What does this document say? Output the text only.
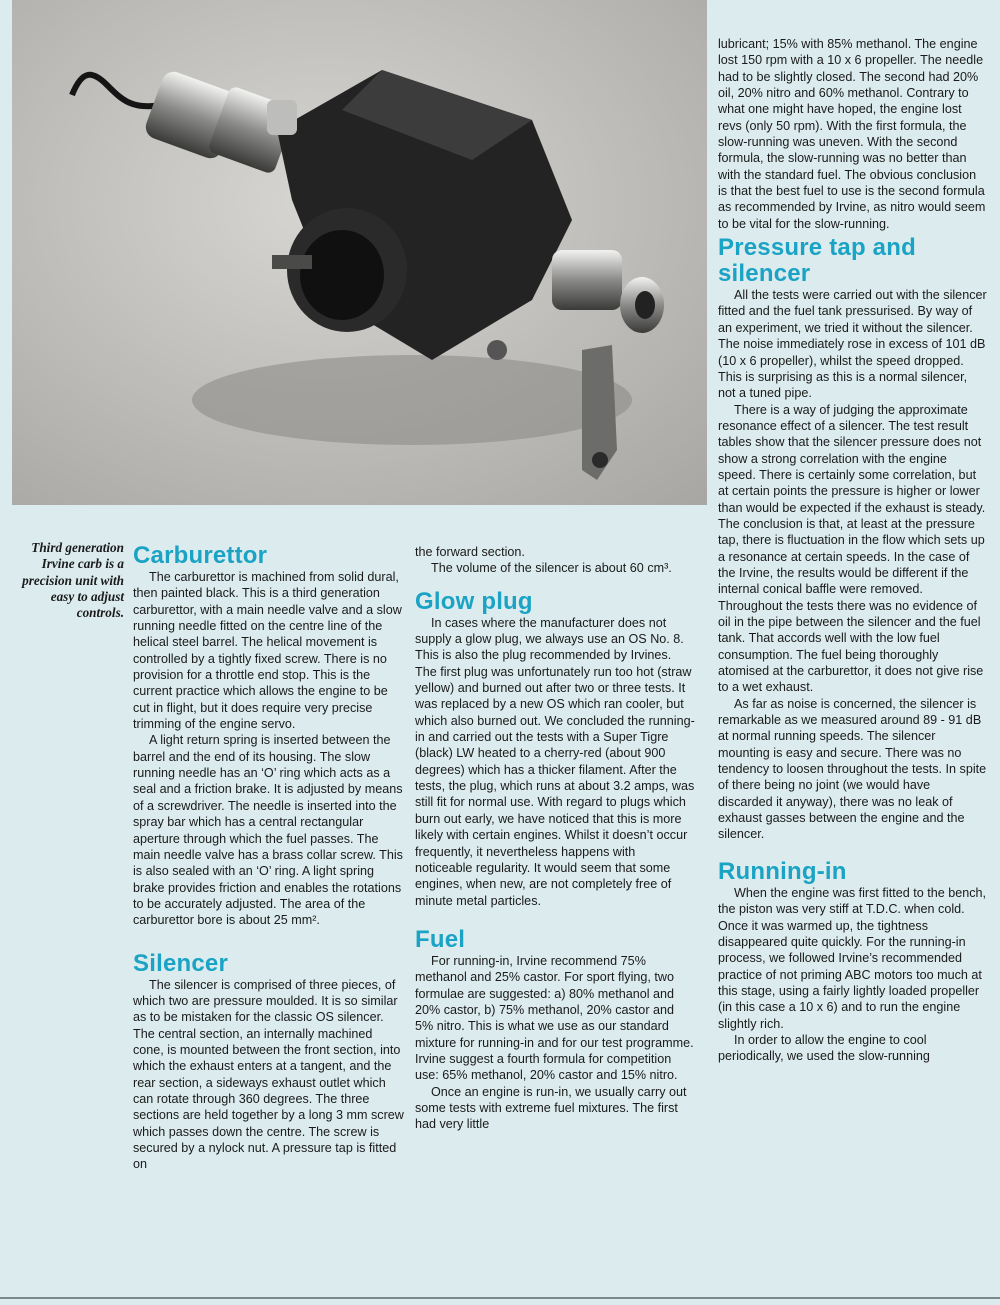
Third generation Irvine carb is a precision unit with easy to adjust controls.
Carburettor

The carburettor is machined from solid dural, then painted black. This is a third generation carburettor, with a main needle valve and a slow running needle fitted on the centre line of the helical steel barrel. The helical movement is controlled by a tightly fixed screw. There is no provision for a throttle end stop. This is the current practice which allows the engine to be cut in flight, but it does require very precise trimming of the engine servo.

A light return spring is inserted between the barrel and the end of its housing. The slow running needle has an ‘O’ ring which acts as a seal and a friction brake. It is adjusted by means of a screwdriver. The needle is inserted into the spray bar which has a central rectangular aperture through which the fuel passes. The main needle valve has a brass collar screw. This is also sealed with an ‘O’ ring. A light spring brake provides friction and enables the rotations to be accurately adjusted. The area of the carburettor bore is about 25 mm².

Silencer

The silencer is comprised of three pieces, of which two are pressure moulded. It is so similar as to be mistaken for the classic OS silencer. The central section, an internally machined cone, is mounted between the front section, into which the exhaust enters at a tangent, and the rear section, a sideways exhaust outlet which can rotate through 360 degrees. The three sections are held together by a long 3 mm screw which passes down the centre. The screw is secured by a nylock nut. A pressure tap is fitted on

the forward section.

The volume of the silencer is about 60 cm³.

Glow plug

In cases where the manufacturer does not supply a glow plug, we always use an OS No. 8. This is also the plug recommended by Irvines. The first plug was unfortunately run too hot (straw yellow) and burned out after two or three tests. It was replaced by a new OS which ran cooler, but which also burned out. We concluded the running-in and carried out the tests with a Super Tigre (black) LW heated to a cherry-red (about 900 degrees) which has a thicker filament. After the tests, the plug, which runs at about 3.2 amps, was still fit for normal use. With regard to plugs which burn out early, we have noticed that this is more likely with certain engines. Whilst it doesn’t occur frequently, it nevertheless happens with noticeable regularity. It would seem that some engines, when new, are not completely free of minute metal particles.

Fuel

For running-in, Irvine recommend 75% methanol and 25% castor. For sport flying, two formulae are suggested: a) 80% methanol and 20% castor, b) 75% methanol, 20% castor and 5% nitro. This is what we use as our standard mixture for running-in and for our test programme. Irvine suggest a fourth formula for competition use: 65% methanol, 20% castor and 15% nitro.

Once an engine is run-in, we usually carry out some tests with extreme fuel mixtures. The first had very little

lubricant; 15% with 85% methanol. The engine lost 150 rpm with a 10 x 6 propeller. The needle had to be slightly closed. The second had 20% oil, 20% nitro and 60% methanol. Contrary to what one might have hoped, the engine lost revs (only 50 rpm). With the first formula, the slow-running was uneven. With the second formula, the slow-running was no better than with the standard fuel. The obvious conclusion is that the best fuel to use is the second formula as recommended by Irvine, as nitro would seem to be vital for the slow-running.

Pressure tap and silencer

All the tests were carried out with the silencer fitted and the fuel tank pressurised. By way of an experiment, we tried it without the silencer. The noise immediately rose in excess of 101 dB (10 x 6 propeller), whilst the speed dropped. This is surprising as this is a normal silencer, not a tuned pipe.

There is a way of judging the approximate resonance effect of a silencer. The test result tables show that the silencer pressure does not show a strong correlation with the engine speed. There is certainly some correlation, but at certain points the pressure is higher or lower than would be expected if the exhaust is steady. The conclusion is that, at least at the pressure tap, there is fluctuation in the flow which sets up a resonance at certain speeds. In the case of the Irvine, the results would be different if the internal conical baffle were removed. Throughout the tests there was no evidence of oil in the pipe between the silencer and the fuel tank. That accords well with the low fuel consumption. The fuel being thoroughly atomised at the carburettor, it does not give rise to a wet exhaust.

As far as noise is concerned, the silencer is remarkable as we measured around 89 - 91 dB at normal running speeds. The silencer mounting is easy and secure. There was no tendency to loosen throughout the tests. In spite of there being no joint (we would have discarded it anyway), there was no leak of exhaust gasses between the engine and the silencer.

Running-in

When the engine was first fitted to the bench, the piston was very stiff at T.D.C. when cold. Once it was warmed up, the tightness disappeared quite quickly. For the running-in process, we followed Irvine’s recommended practice of not priming ABC motors too much at this stage, using a fairly lightly loaded propeller (in this case a 10 x 6) and to run the engine slightly rich.

In order to allow the engine to cool periodically, we used the slow-running
